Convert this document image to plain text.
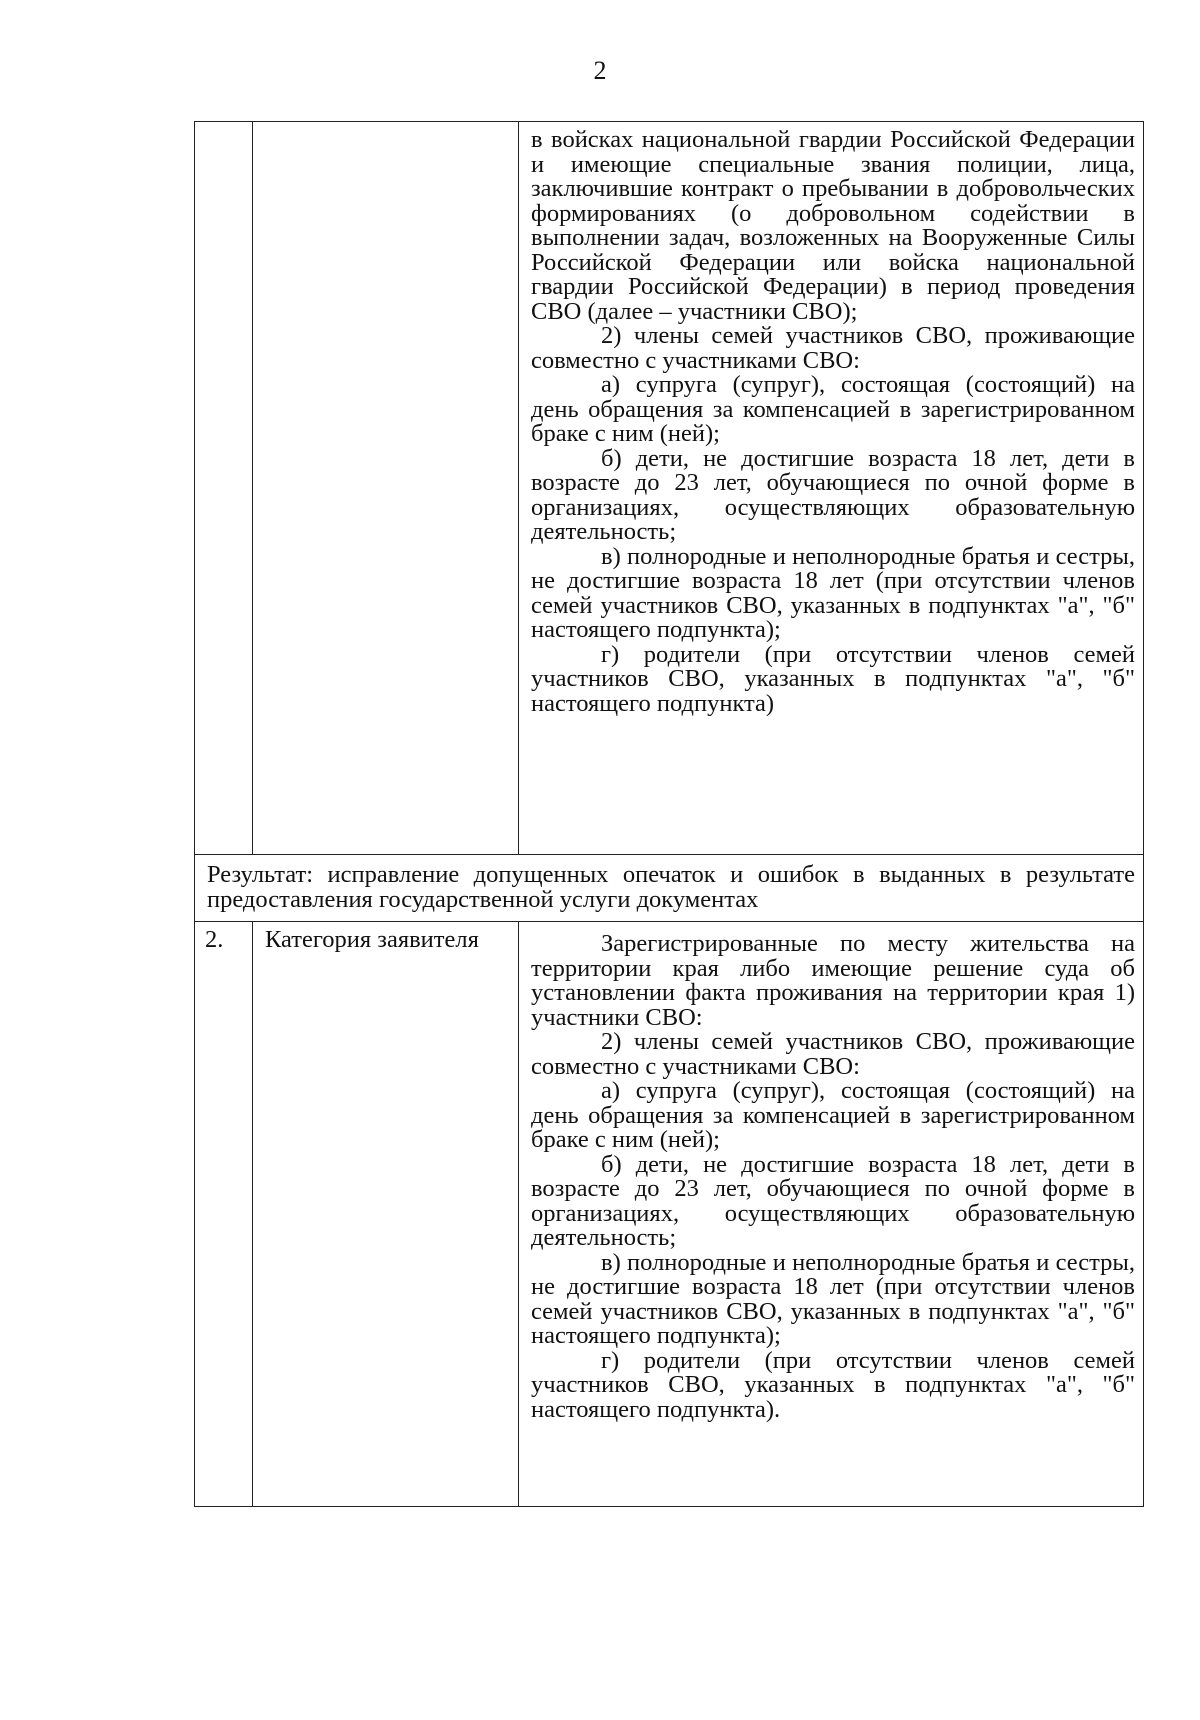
2

в войсках национальной гвардии Российской Федерации и имеющие специальные звания полиции, лица, заключившие контракт о пребывании в добровольческих формированиях (о добровольном содействии в выполнении задач, возложенных на Вооруженные Силы Российской Федерации или войска национальной гвардии Российской Федерации) в период проведения СВО (далее – участники СВО);

2) члены семей участников СВО, проживающие совместно с участниками СВО:

а) супруга (супруг), состоящая (состоящий) на день обращения за компенсацией в зарегистрированном браке с ним (ней);

б) дети, не достигшие возраста 18 лет, дети в возрасте до 23 лет, обучающиеся по очной форме в организациях, осуществляющих образовательную деятельность;

в) полнородные и неполнородные братья и сестры, не достигшие возраста 18 лет (при отсутствии членов семей участников СВО, указанных в подпунктах "а", "б" настоящего подпункта);

г) родители (при отсутствии членов семей участников СВО, указанных в подпунктах "а", "б" настоящего подпункта)

Результат: исправление допущенных опечаток и ошибок в выданных в результате предоставления государственной услуги документах
2.	Категория заявителя	Зарегистрированные по месту жительства на территории края либо имеющие решение суда об установлении факта проживания на территории края 1) участники СВО:

2) члены семей участников СВО, проживающие совместно с участниками СВО:

а) супруга (супруг), состоящая (состоящий) на день обращения за компенсацией в зарегистрированном браке с ним (ней);

б) дети, не достигшие возраста 18 лет, дети в возрасте до 23 лет, обучающиеся по очной форме в организациях, осуществляющих образовательную деятельность;

в) полнородные и неполнородные братья и сестры, не достигшие возраста 18 лет (при отсутствии членов семей участников СВО, указанных в подпунктах "а", "б" настоящего подпункта);

г) родители (при отсутствии членов семей участников СВО, указанных в подпунктах "а", "б" настоящего подпункта).
